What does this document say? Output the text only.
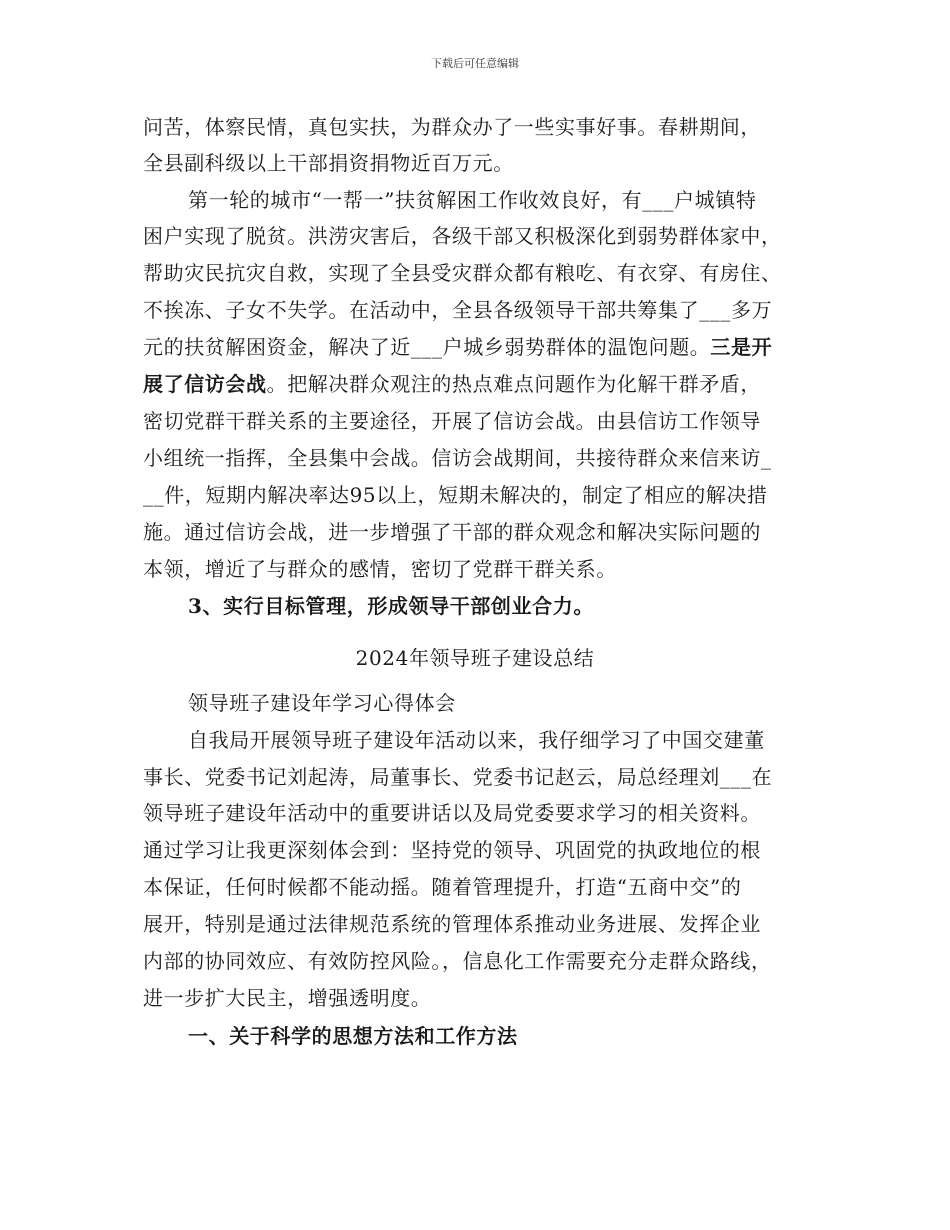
下载后可任意编辑
问苦，体察民情，真包实扶，为群众办了一些实事好事。春耕期间，
全县副科级以上干部捐资捐物近百万元。
第一轮的城市“一帮一”扶贫解困工作收效良好，有___户城镇特
困户实现了脱贫。洪涝灾害后，各级干部又积极深化到弱势群体家中，
帮助灾民抗灾自救，实现了全县受灾群众都有粮吃、有衣穿、有房住、
不挨冻、子女不失学。在活动中，全县各级领导干部共筹集了___多万
元的扶贫解困资金，解决了近___户城乡弱势群体的温饱问题。三是开
展了信访会战。把解决群众观注的热点难点问题作为化解干群矛盾，
密切党群干群关系的主要途径，开展了信访会战。由县信访工作领导
小组统一指挥，全县集中会战。信访会战期间，共接待群众来信来访_
__件，短期内解决率达95以上，短期未解决的，制定了相应的解决措
施。通过信访会战，进一步增强了干部的群众观念和解决实际问题的
本领，增近了与群众的感情，密切了党群干群关系。
3、实行目标管理，形成领导干部创业合力。
2024年领导班子建设总结
领导班子建设年学习心得体会
自我局开展领导班子建设年活动以来，我仔细学习了中国交建董
事长、党委书记刘起涛，局董事长、党委书记赵云，局总经理刘___在
领导班子建设年活动中的重要讲话以及局党委要求学习的相关资料。
通过学习让我更深刻体会到：坚持党的领导、巩固党的执政地位的根
本保证，任何时候都不能动摇。随着管理提升，打造“五商中交”的
展开，特别是通过法律规范系统的管理体系推动业务进展、发挥企业
内部的协同效应、有效防控风险。，信息化工作需要充分走群众路线，
进一步扩大民主，增强透明度。
一、关于科学的思想方法和工作方法
